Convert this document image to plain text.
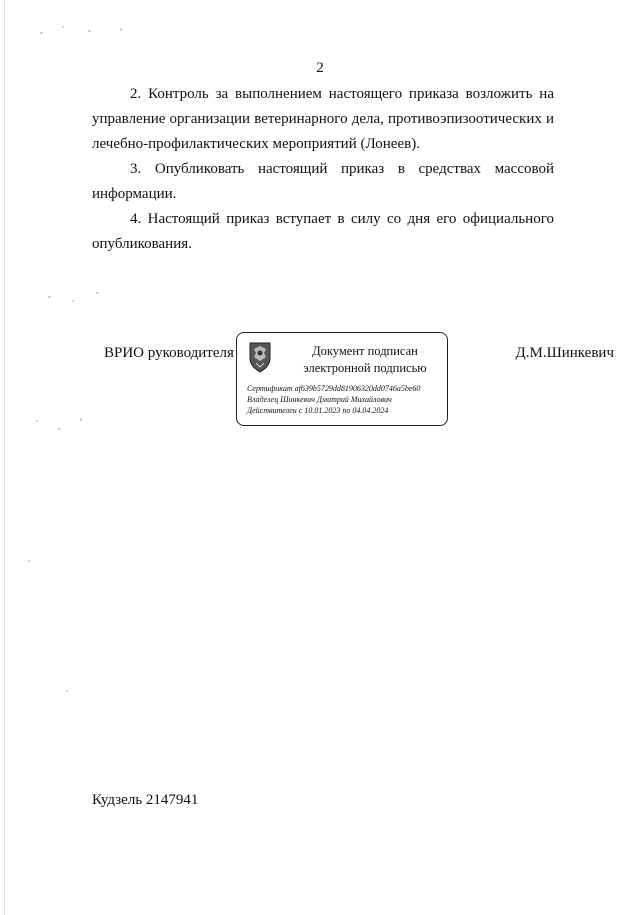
2
2. Контроль за выполнением настоящего приказа возложить на управление организации ветеринарного дела, противоэпизоотических и лечебно-профилактических мероприятий (Лонеев).
3. Опубликовать настоящий приказ в средствах массовой информации.
4. Настоящий приказ вступает в силу со дня его официального опубликования.
ВРИО руководителя	Документ подписан
электронной подписью
Сертификат af639b5729dd81906320dd0746a5be60
Владелец Шинкевич Дмитрий Михайлович
Действителен с 10.01.2023 по 04.04.2024
Д.М.Шинкевич
Кудзель 2147941
